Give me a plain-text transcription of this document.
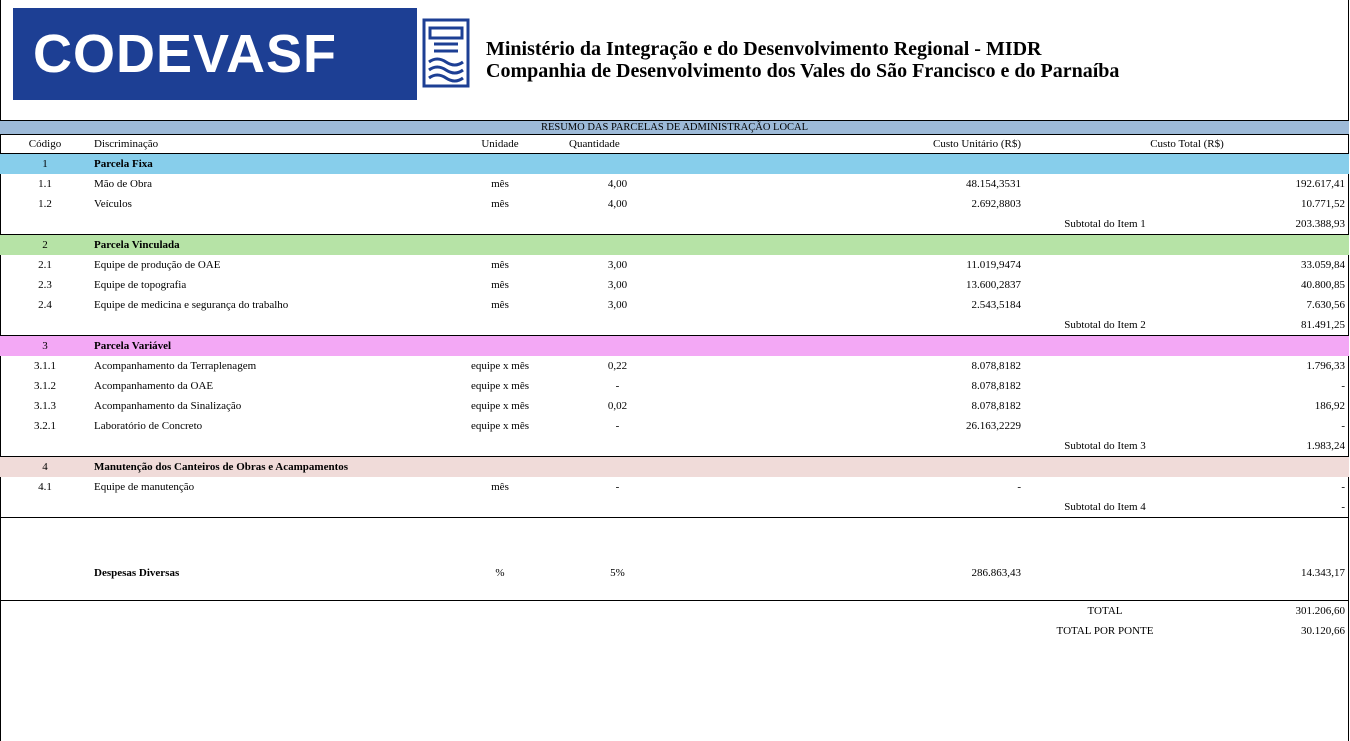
CODEVASF	Ministério da Integração e do Desenvolvimento Regional - MIDR
Companhia de Desenvolvimento dos Vales do São Francisco e do Parnaíba
RESUMO DAS PARCELAS DE ADMINISTRAÇÃO LOCAL						
Código	Discriminação	Unidade	Quantidade	Custo Unitário (R$)	Custo Total (R$)	
1	Parcela Fixa					
1.1	Mão de Obra	mês	4,00	48.154,3531		192.617,41
1.2	Veículos	mês	4,00	2.692,8803		10.771,52
					Subtotal do Item 1	203.388,93
2	Parcela Vinculada					
2.1	Equipe de produção de OAE	mês	3,00	11.019,9474		33.059,84
2.3	Equipe de topografia	mês	3,00	13.600,2837		40.800,85
2.4	Equipe de medicina e segurança do trabalho	mês	3,00	2.543,5184		7.630,56
					Subtotal do Item 2	81.491,25
3	Parcela Variável					
3.1.1	Acompanhamento da Terraplenagem	equipe x mês	0,22	8.078,8182		1.796,33
3.1.2	Acompanhamento da OAE	equipe x mês	-	8.078,8182		-
3.1.3	Acompanhamento da Sinalização	equipe x mês	0,02	8.078,8182		186,92
3.2.1	Laboratório de Concreto	equipe x mês	-	26.163,2229		-
					Subtotal do Item 3	1.983,24
4	Manutenção dos Canteiros de Obras e Acampamentos					
4.1	Equipe de manutenção	mês	-	-		-
					Subtotal do Item 4	-

	Despesas Diversas	%	5%	286.863,43		14.343,17
					TOTAL	301.206,60
					TOTAL POR PONTE	30.120,66
